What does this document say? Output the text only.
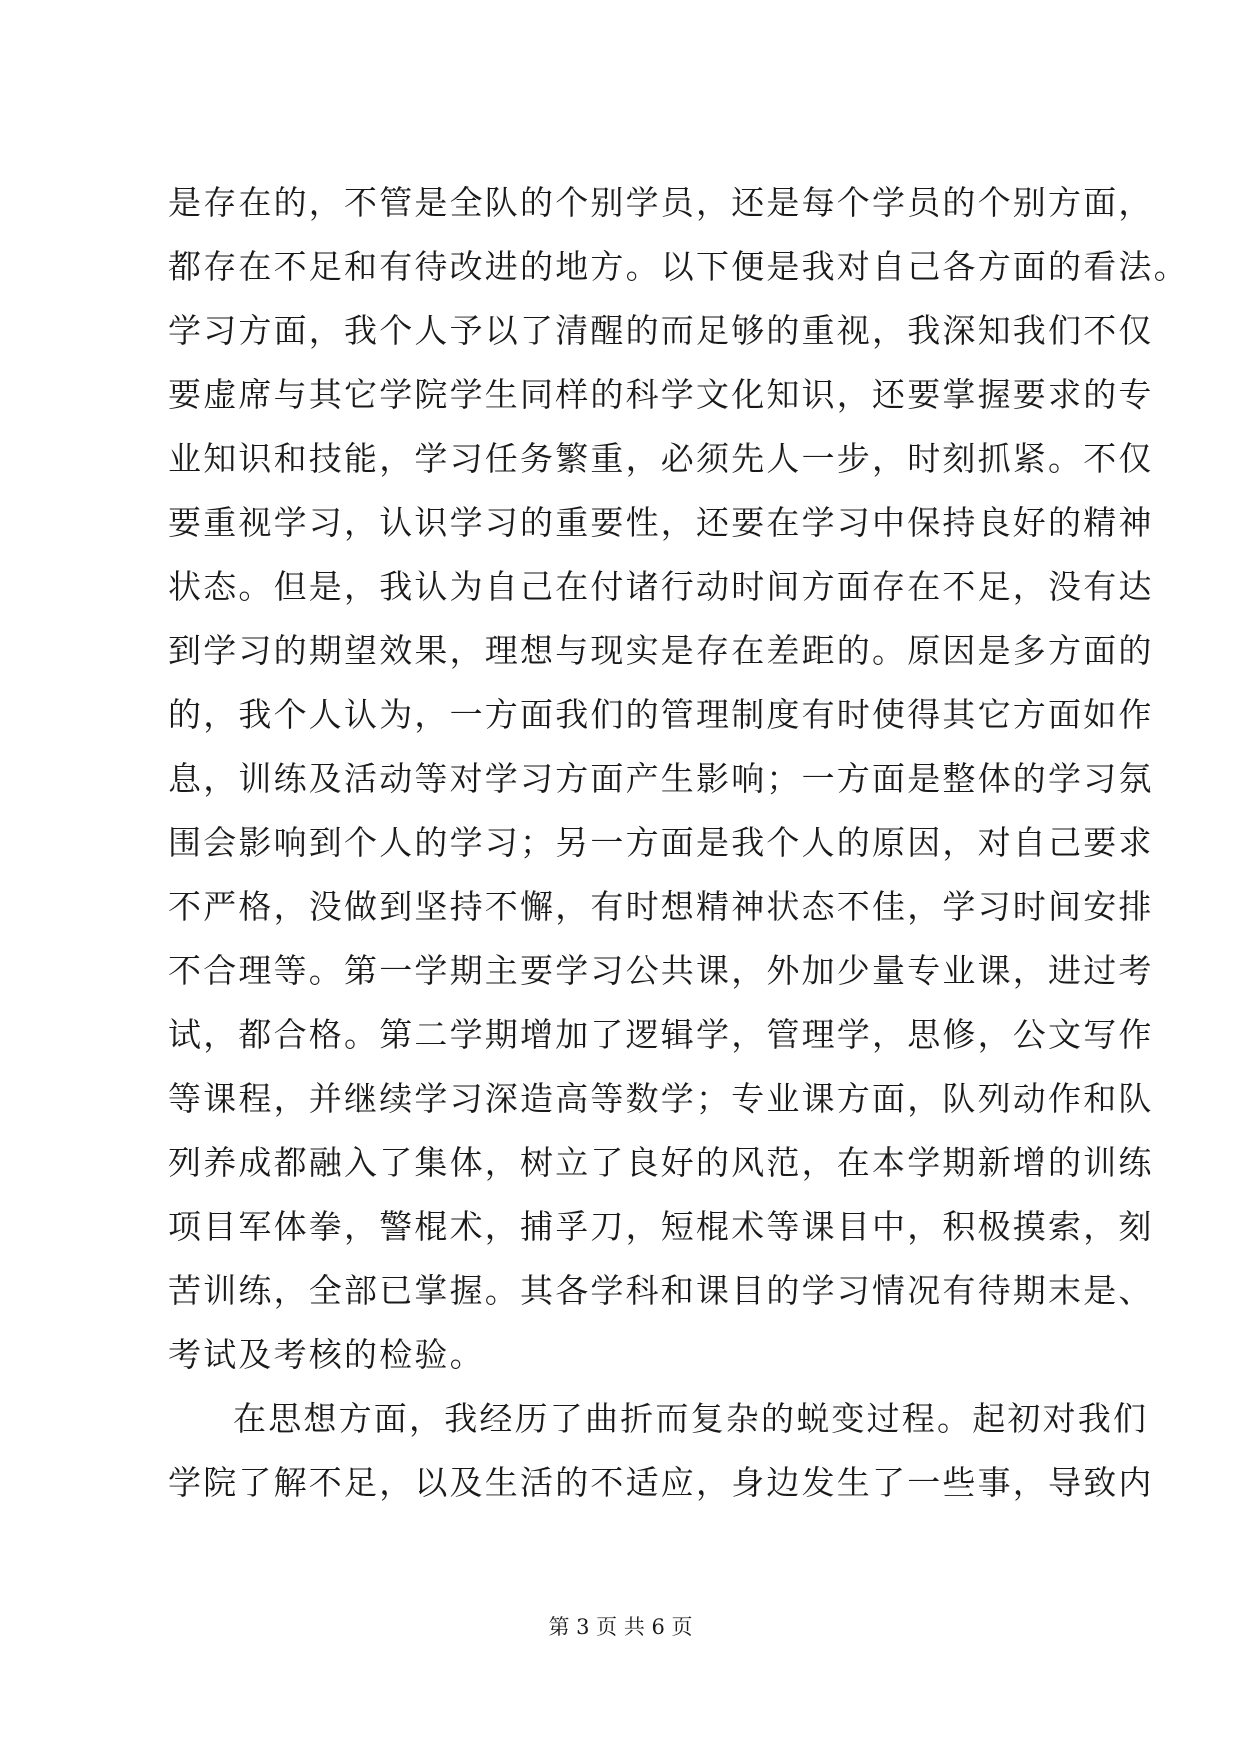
是存在的，不管是全队的个别学员，还是每个学员的个别方面，
都存在不足和有待改进的地方。以下便是我对自己各方面的看法。
学习方面，我个人予以了清醒的而足够的重视，我深知我们不仅
要虚席与其它学院学生同样的科学文化知识，还要掌握要求的专
业知识和技能，学习任务繁重，必须先人一步，时刻抓紧。不仅
要重视学习，认识学习的重要性，还要在学习中保持良好的精神
状态。但是，我认为自己在付诸行动时间方面存在不足，没有达
到学习的期望效果，理想与现实是存在差距的。原因是多方面的
的，我个人认为，一方面我们的管理制度有时使得其它方面如作
息，训练及活动等对学习方面产生影响；一方面是整体的学习氛
围会影响到个人的学习；另一方面是我个人的原因，对自己要求
不严格，没做到坚持不懈，有时想精神状态不佳，学习时间安排
不合理等。第一学期主要学习公共课，外加少量专业课，进过考
试，都合格。第二学期增加了逻辑学，管理学，思修，公文写作
等课程，并继续学习深造高等数学；专业课方面，队列动作和队
列养成都融入了集体，树立了良好的风范，在本学期新增的训练
项目军体拳，警棍术，捕孚刀，短棍术等课目中，积极摸索，刻
苦训练，全部已掌握。其各学科和课目的学习情况有待期末是、
考试及考核的检验。
在思想方面，我经历了曲折而复杂的蜕变过程。起初对我们
学院了解不足，以及生活的不适应，身边发生了一些事，导致内
第 3 页 共 6 页
